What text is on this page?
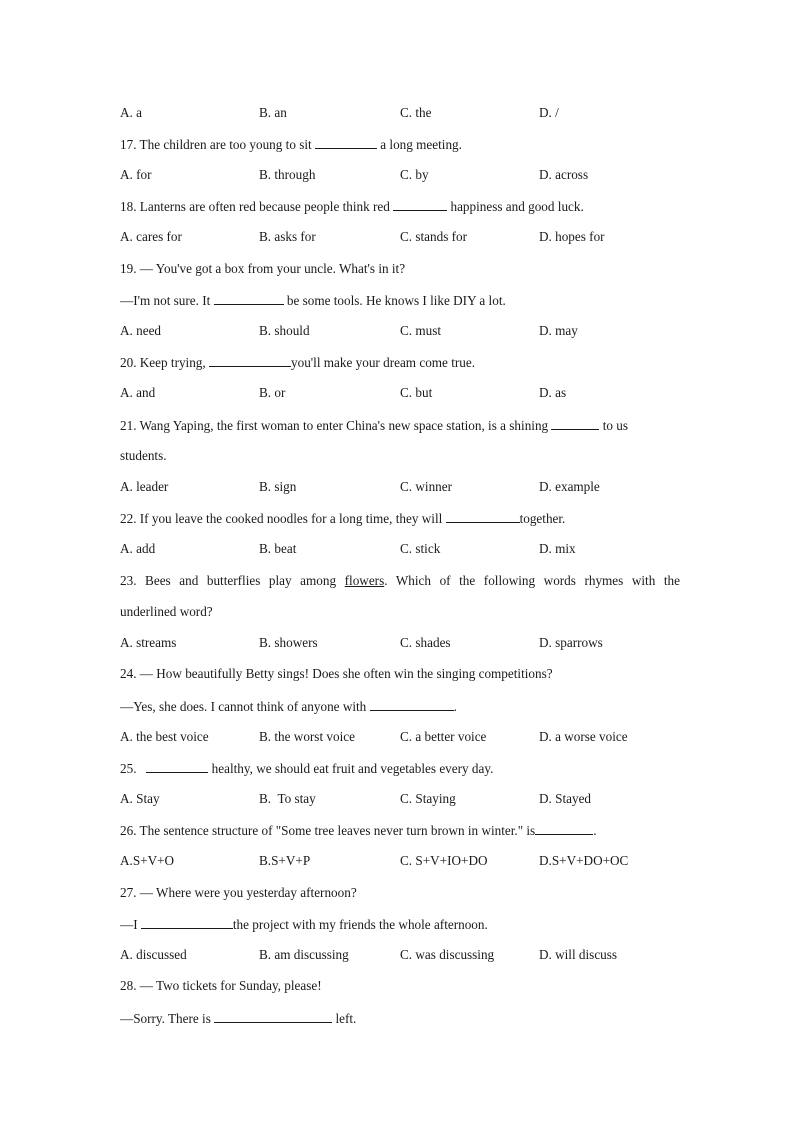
A. a	B. an	C. the	D. /
17. The children are too young to sit	a long meeting.
A. for	B. through	C. by	D. across
18. Lanterns are often red because people think red	happiness and good luck.
A. cares for	B. asks for	C. stands for	D. hopes for
19. — You've got a box from your uncle. What's in it?
—I'm not sure. It	be some tools. He knows I like DIY a lot.
A. need	B. should	C. must	D. may
20. Keep trying,	you'll make your dream come true.
A. and	B. or	C. but	D. as
21. Wang Yaping, the first woman to enter China's new space station, is a shining	to us
students.
A. leader	B. sign	C. winner	D. example
22. If you leave the cooked noodles for a long time, they will	together.
A. add	B. beat	C. stick	D. mix
23. Bees and butterflies play among flowers. Which of the following words rhymes with the
underlined word?
A. streams	B. showers	C. shades	D. sparrows
24. — How beautifully Betty sings! Does she often win the singing competitions?
—Yes, she does. I cannot think of anyone with	.
A. the best voice	B. the worst voice	C. a better voice	D. a worse voice
25.	healthy, we should eat fruit and vegetables every day.
A. Stay	B.  To stay	C. Staying	D. Stayed
26. The sentence structure of "Some tree leaves never turn brown in winter." is	.
A.S+V+O	B.S+V+P	C. S+V+IO+DO	D.S+V+DO+OC
27. — Where were you yesterday afternoon?
—I	the project with my friends the whole afternoon.
A. discussed	B. am discussing	C. was discussing	D. will discuss
28. — Two tickets for Sunday, please!
—Sorry. There is	left.
